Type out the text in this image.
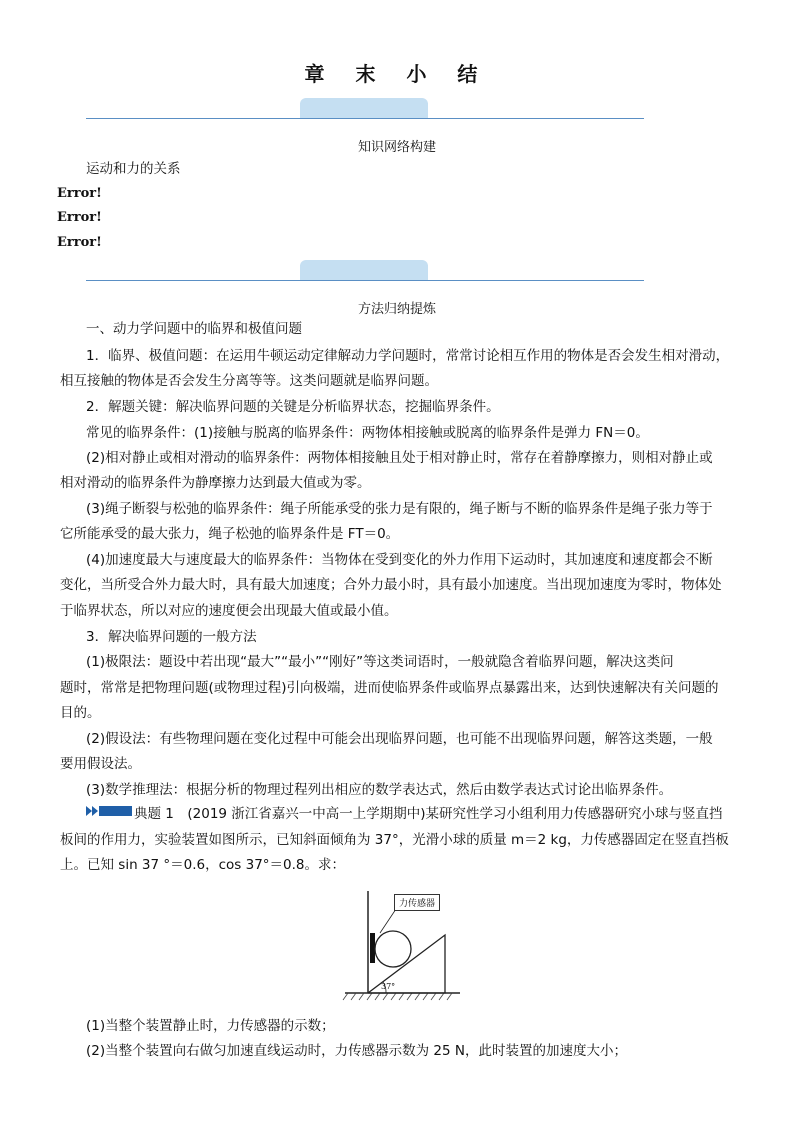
章 末 小 结
知识网络构建
运动和力的关系
Error!
Error!
Error!
方法归纳提炼
一、动力学问题中的临界和极值问题
1．临界、极值问题：在运用牛顿运动定律解动力学问题时，常常讨论相互作用的物体是否会发生相对滑动，
相互接触的物体是否会发生分离等等。这类问题就是临界问题。
2．解题关键：解决临界问题的关键是分析临界状态，挖掘临界条件。
常见的临界条件：(1)接触与脱离的临界条件：两物体相接触或脱离的临界条件是弹力 FN＝0。
(2)相对静止或相对滑动的临界条件：两物体相接触且处于相对静止时，常存在着静摩擦力，则相对静止或
相对滑动的临界条件为静摩擦力达到最大值或为零。
(3)绳子断裂与松弛的临界条件：绳子所能承受的张力是有限的，绳子断与不断的临界条件是绳子张力等于
它所能承受的最大张力，绳子松弛的临界条件是 FT＝0。
(4)加速度最大与速度最大的临界条件：当物体在受到变化的外力作用下运动时，其加速度和速度都会不断
变化，当所受合外力最大时，具有最大加速度；合外力最小时，具有最小加速度。当出现加速度为零时，物体处
于临界状态，所以对应的速度便会出现最大值或最小值。
3．解决临界问题的一般方法
(1)极限法：题设中若出现“最大”“最小”“刚好”等这类词语时，一般就隐含着临界问题，解决这类问
题时，常常是把物理问题(或物理过程)引向极端，进而使临界条件或临界点暴露出来，达到快速解决有关问题的
目的。
(2)假设法：有些物理问题在变化过程中可能会出现临界问题，也可能不出现临界问题，解答这类题，一般
要用假设法。
(3)数学推理法：根据分析的物理过程列出相应的数学表达式，然后由数学表达式讨论出临界条件。
典题 1　(2019 浙江省嘉兴一中高一上学期期中)某研究性学习小组利用力传感器研究小球与竖直挡
板间的作用力，实验装置如图所示，已知斜面倾角为 37°，光滑小球的质量 m＝2 kg，力传感器固定在竖直挡板
上。已知 sin 37 °＝0.6，cos 37°＝0.8。求：
力传感器
37°
(1)当整个装置静止时，力传感器的示数；
(2)当整个装置向右做匀加速直线运动时，力传感器示数为 25 N，此时装置的加速度大小；
